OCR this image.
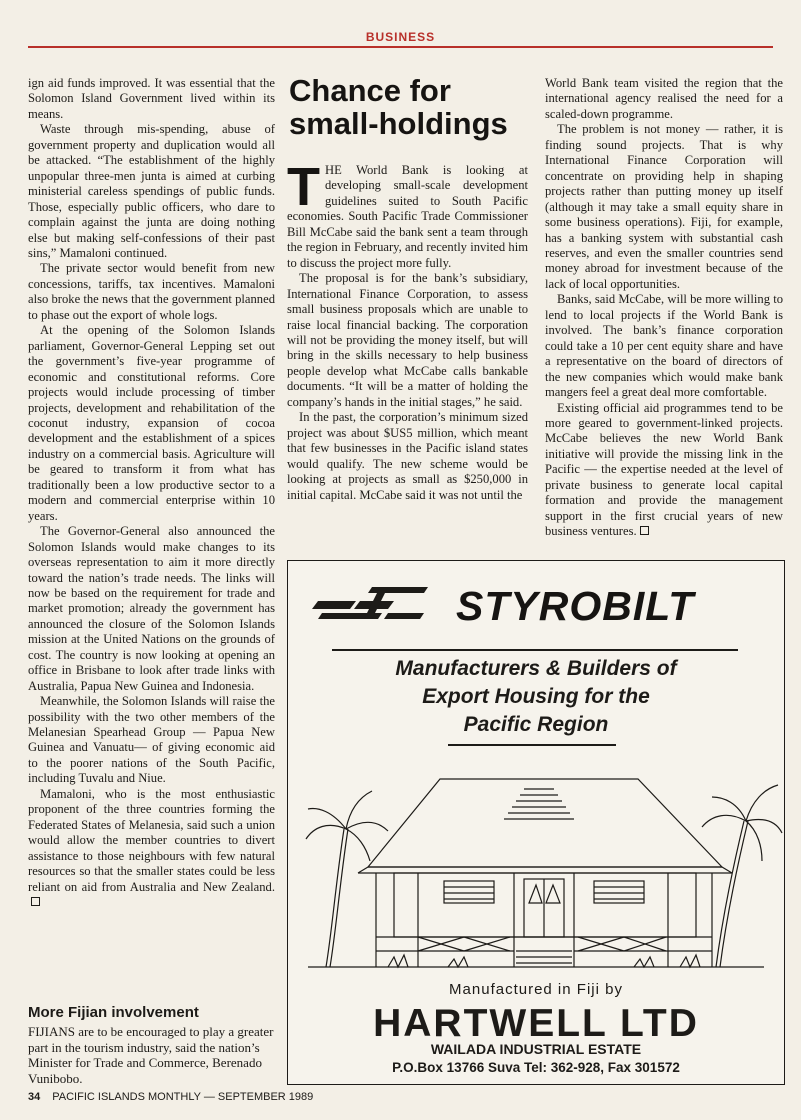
BUSINESS

ign aid funds improved. It was essential that the Solomon Island Government lived within its means.

Waste through mis-spending, abuse of government property and duplication would all be attacked. “The establishment of the highly unpopular three-men junta is aimed at curbing ministerial careless spendings of public funds. Those, especially public officers, who dare to complain against the junta are doing nothing else but making self-confessions of their past sins,” Mamaloni continued.

The private sector would benefit from new concessions, tariffs, tax incentives. Mamaloni also broke the news that the government planned to phase out the export of whole logs.

At the opening of the Solomon Islands parliament, Governor-General Lepping set out the government’s five-year programme of economic and constitutional reforms. Core projects would include processing of timber projects, development and rehabilitation of the coconut industry, expansion of cocoa development and the establishment of a spices industry on a commercial basis. Agriculture will be geared to transform it from what has traditionally been a low productive sector to a modern and commercial enterprise within 10 years.

The Governor-General also announced the Solomon Islands would make changes to its overseas representation to aim it more directly toward the nation’s trade needs. The links will now be based on the requirement for trade and market promotion; already the government has announced the closure of the Solomon Islands mission at the United Nations on the grounds of cost. The country is now looking at opening an office in Brisbane to look after trade links with Australia, Papua New Guinea and Indonesia.

Meanwhile, the Solomon Islands will raise the possibility with the two other members of the Melanesian Spearhead Group — Papua New Guinea and Vanuatu— of giving economic aid to the poorer nations of the South Pacific, including Tuvalu and Niue.

Mamaloni, who is the most enthusiastic proponent of the three countries forming the Federated States of Melanesia, said such a union would allow the member countries to divert assistance to those neighbours with few natural resources so that the smaller states could be less reliant on aid from Australia and New Zealand.

Chance for small-holdings

THE World Bank is looking at developing small-scale development guidelines suited to South Pacific economies. South Pacific Trade Commissioner Bill McCabe said the bank sent a team through the region in February, and recently invited him to discuss the project more fully.

The proposal is for the bank’s subsidiary, International Finance Corporation, to assess small business proposals which are unable to raise local financial backing. The corporation will not be providing the money itself, but will bring in the skills necessary to help business people develop what McCabe calls bankable documents. “It will be a matter of holding the company’s hands in the initial stages,” he said.

In the past, the corporation’s minimum sized project was about $US5 million, which meant that few businesses in the Pacific island states would qualify. The new scheme would be looking at projects as small as $250,000 in initial capital. McCabe said it was not until the

World Bank team visited the region that the international agency realised the need for a scaled-down programme.

The problem is not money — rather, it is finding sound projects. That is why International Finance Corporation will concentrate on providing help in shaping projects rather than putting money up itself (although it may take a small equity share in some business operations). Fiji, for example, has a banking system with substantial cash reserves, and even the smaller countries send money abroad for investment because of the lack of local opportunities.

Banks, said McCabe, will be more willing to lend to local projects if the World Bank is involved. The bank’s finance corporation could take a 10 per cent equity share and have a representative on the board of directors of the new companies which would make bank mangers feel a great deal more comfortable.

Existing official aid programmes tend to be more geared to government-linked projects. McCabe believes the new World Bank initiative will provide the missing link in the Pacific — the expertise needed at the level of private business to generate local capital formation and provide the management support in the first crucial years of new business ventures.

More Fijian involvement

FIJIANS are to be encouraged to play a greater part in the tourism industry, said the nation’s Minister for Trade and Commerce, Berenado Vunibobo.

STYROBILT
Manufacturers & Builders of
Export Housing for the
Pacific Region
Manufactured in Fiji by
HARTWELL LTD
WAILADA INDUSTRIAL ESTATE
P.O.Box 13766 Suva Tel: 362-928, Fax 301572
34 PACIFIC ISLANDS MONTHLY — SEPTEMBER 1989
